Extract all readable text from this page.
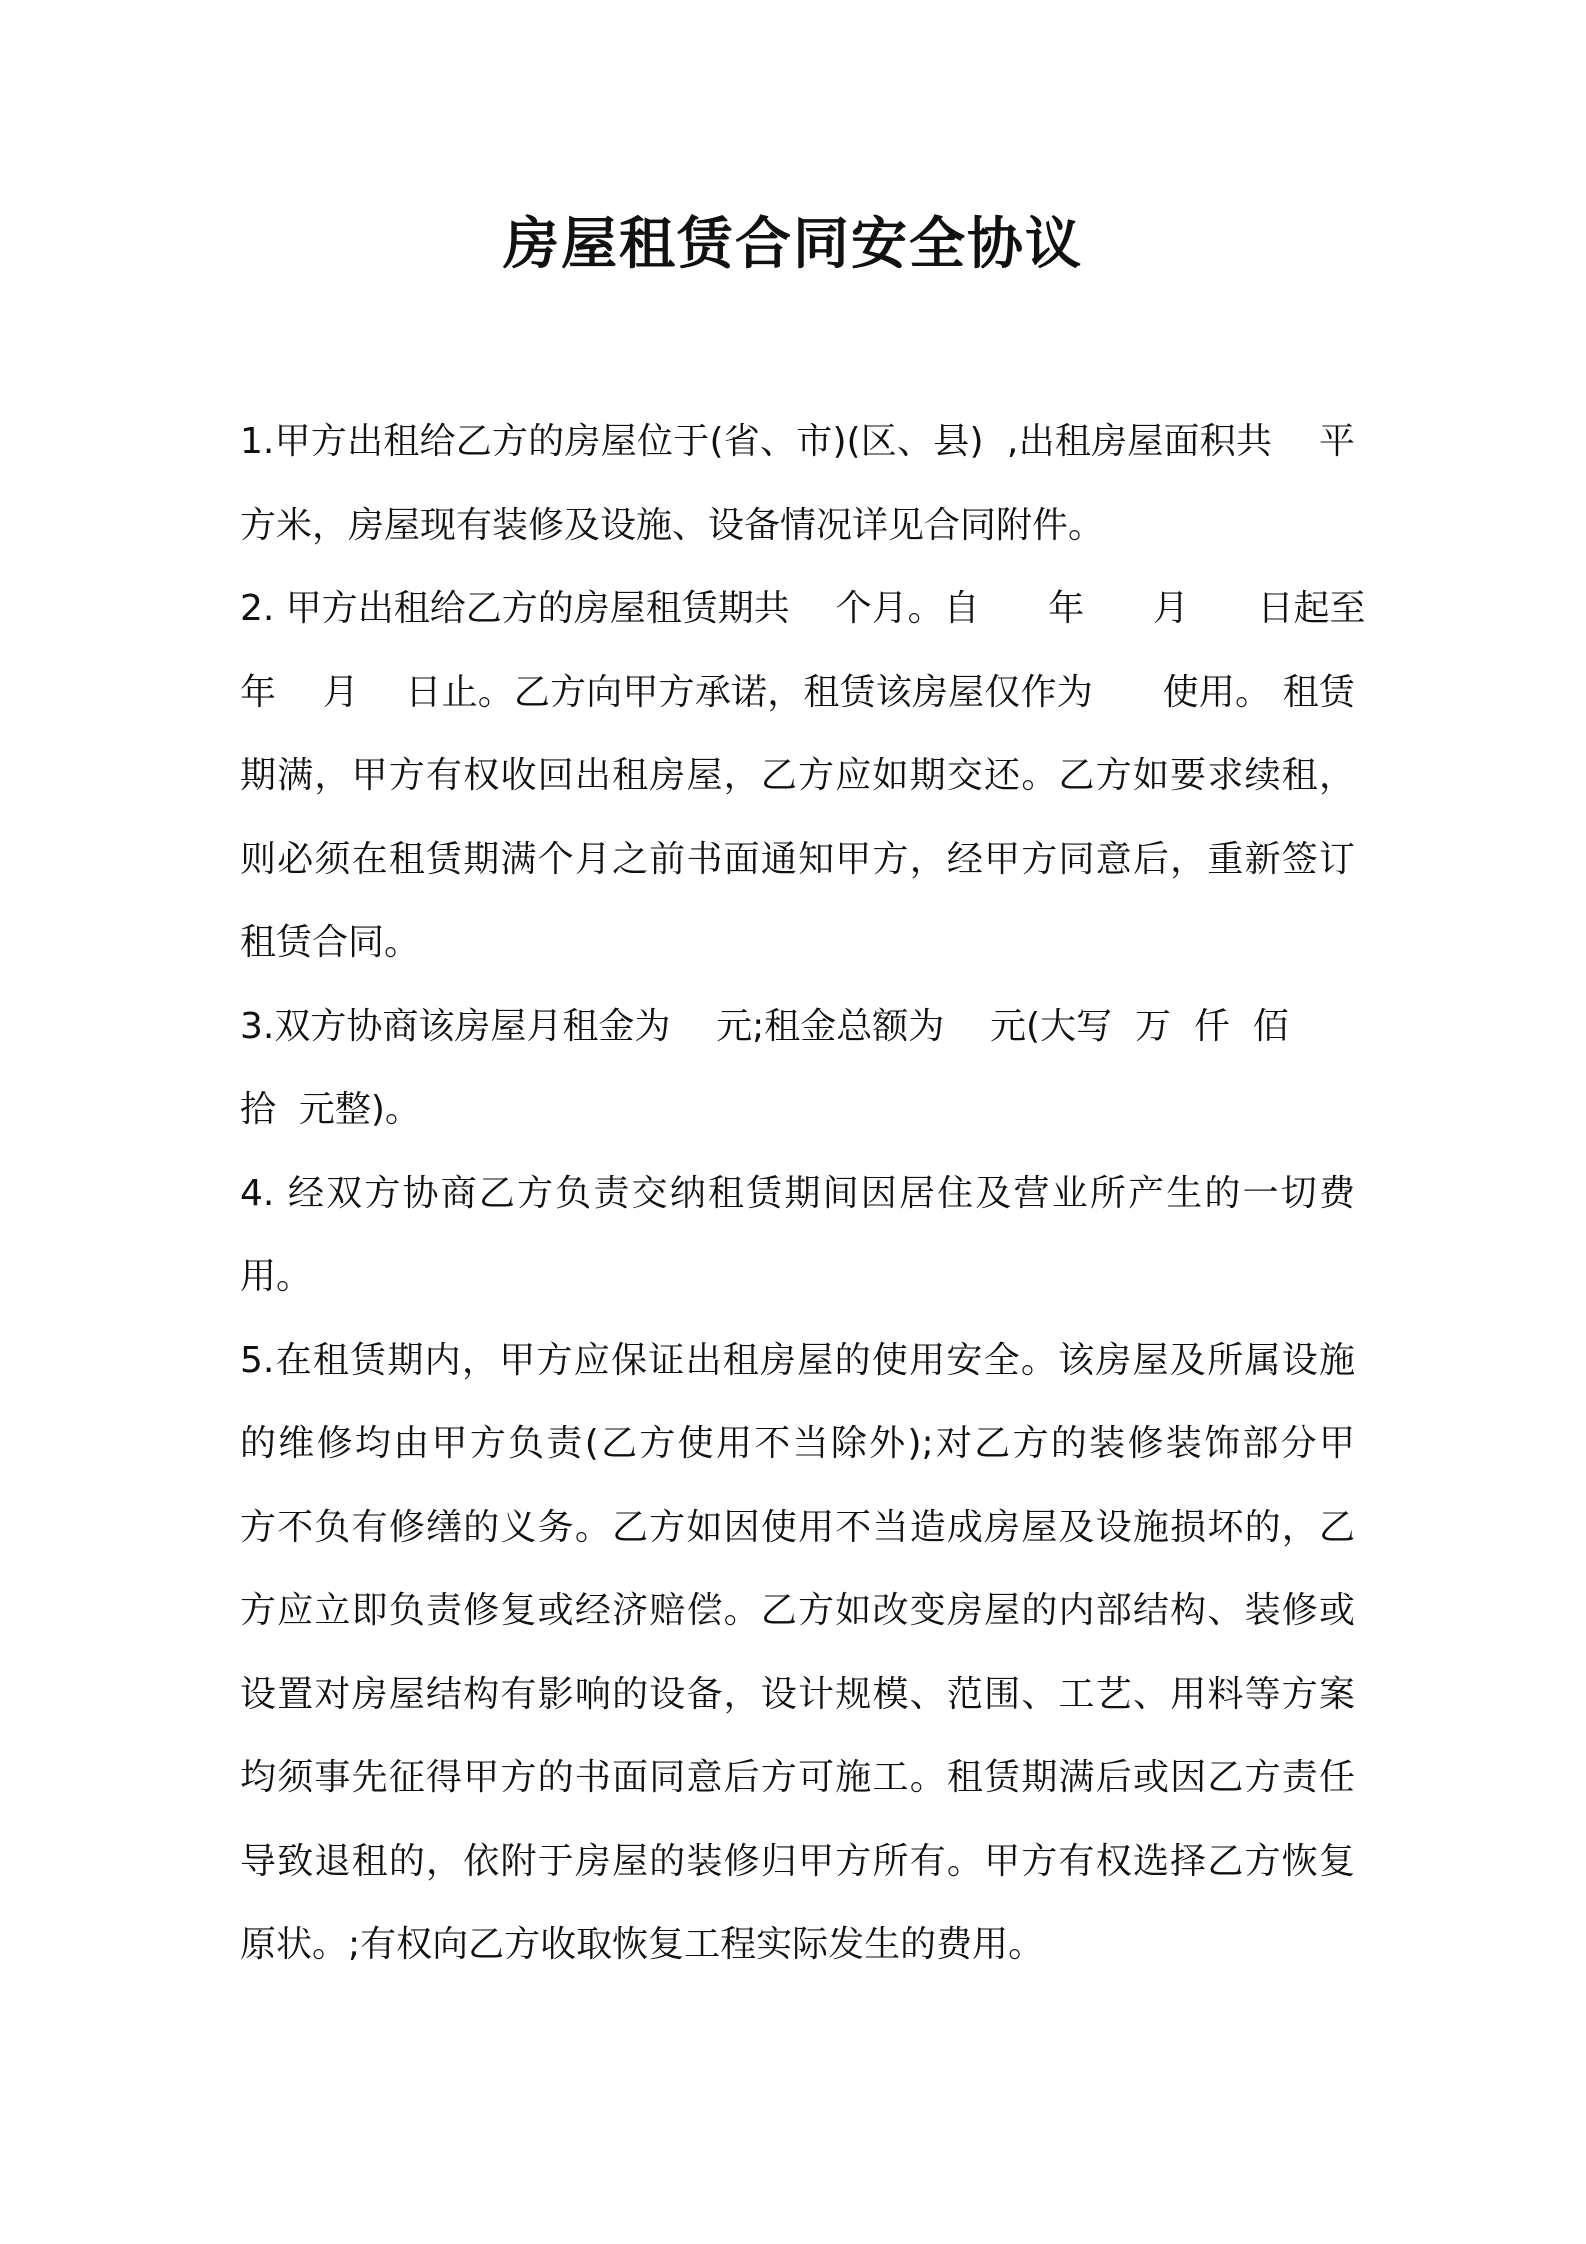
房屋租赁合同安全协议
1.甲方出租给乙方的房屋位于(省、市)(区、县)  ,出租房屋面积共    平
方米，房屋现有装修及设施、设备情况详见合同附件。
2. 甲方出租给乙方的房屋租赁期共    个月。自      年      月      日起至
年    月    日止。乙方向甲方承诺，租赁该房屋仅作为      使用。 租赁
期满，甲方有权收回出租房屋，乙方应如期交还。乙方如要求续租，
则必须在租赁期满个月之前书面通知甲方，经甲方同意后，重新签订
租赁合同。
3.双方协商该房屋月租金为    元;租金总额为    元(大写  万  仟  佰
拾  元整)。
4. 经双方协商乙方负责交纳租赁期间因居住及营业所产生的一切费
用。
5.在租赁期内，甲方应保证出租房屋的使用安全。该房屋及所属设施
的维修均由甲方负责(乙方使用不当除外);对乙方的装修装饰部分甲
方不负有修缮的义务。乙方如因使用不当造成房屋及设施损坏的，乙
方应立即负责修复或经济赔偿。乙方如改变房屋的内部结构、装修或
设置对房屋结构有影响的设备，设计规模、范围、工艺、用料等方案
均须事先征得甲方的书面同意后方可施工。租赁期满后或因乙方责任
导致退租的，依附于房屋的装修归甲方所有。甲方有权选择乙方恢复
原状。;有权向乙方收取恢复工程实际发生的费用。
